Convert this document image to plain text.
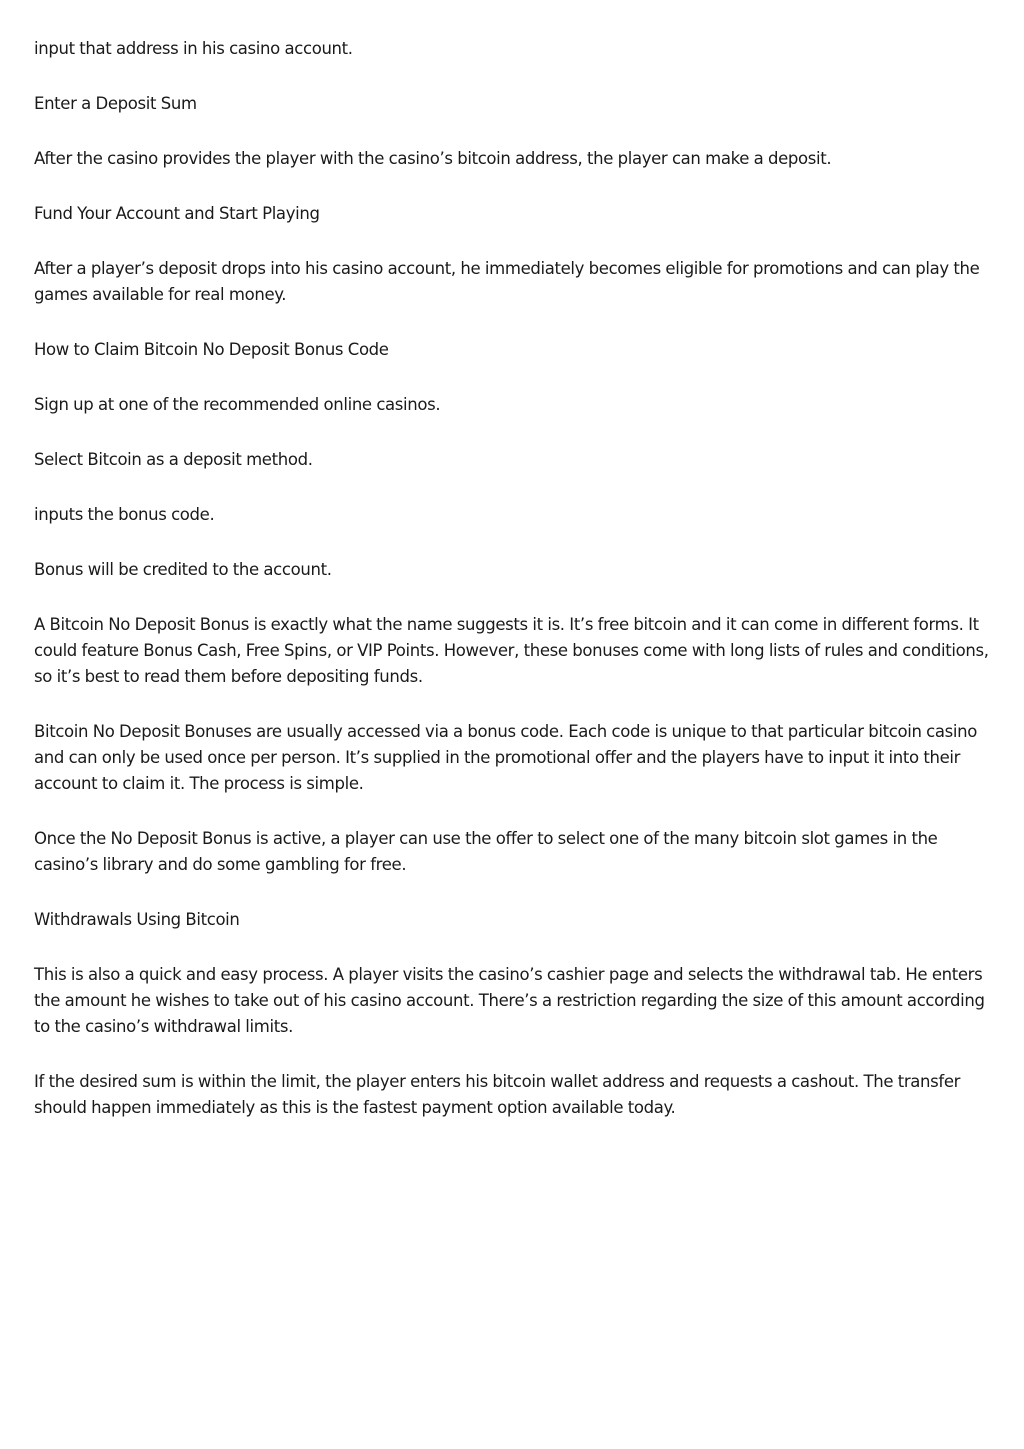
input that address in his casino account.

Enter a Deposit Sum

After the casino provides the player with the casino’s bitcoin address, the player can make a deposit.

Fund Your Account and Start Playing

After a player’s deposit drops into his casino account, he immediately becomes eligible for promotions and can play the games available for real money.

How to Claim Bitcoin No Deposit Bonus Code

Sign up at one of the recommended online casinos.

Select Bitcoin as a deposit method.

inputs the bonus code.

Bonus will be credited to the account.

A Bitcoin No Deposit Bonus is exactly what the name suggests it is. It’s free bitcoin and it can come in different forms. It could feature Bonus Cash, Free Spins, or VIP Points. However, these bonuses come with long lists of rules and conditions, so it’s best to read them before depositing funds.

Bitcoin No Deposit Bonuses are usually accessed via a bonus code. Each code is unique to that particular bitcoin casino and can only be used once per person. It’s supplied in the promotional offer and the players have to input it into their account to claim it. The process is simple.

Once the No Deposit Bonus is active, a player can use the offer to select one of the many bitcoin slot games in the casino’s library and do some gambling for free.

Withdrawals Using Bitcoin

This is also a quick and easy process. A player visits the casino’s cashier page and selects the withdrawal tab. He enters the amount he wishes to take out of his casino account. There’s a restriction regarding the size of this amount according to the casino’s withdrawal limits.

If the desired sum is within the limit, the player enters his bitcoin wallet address and requests a cashout. The transfer should happen immediately as this is the fastest payment option available today.
